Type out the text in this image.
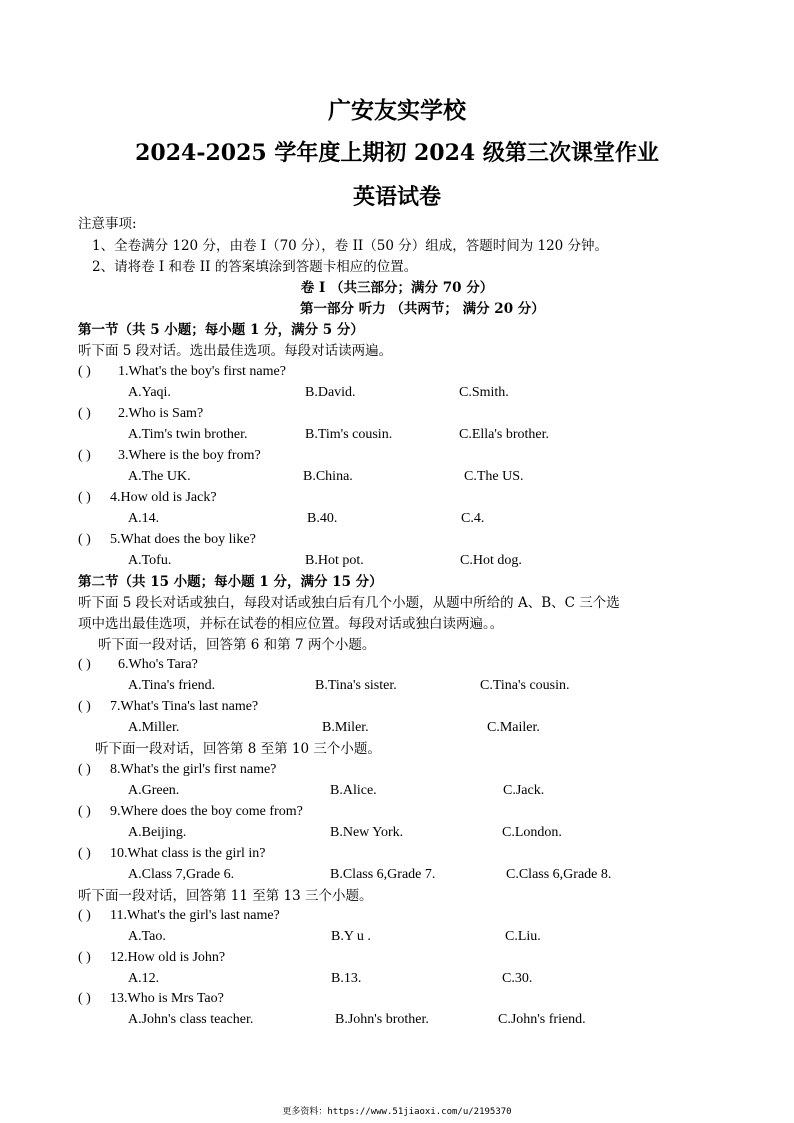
广安友实学校
2024-2025 学年度上期初 2024 级第三次课堂作业
英语试卷
注意事项:
1、全卷满分 120 分，由卷 I（70 分），卷 II（50 分）组成，答题时间为 120 分钟。
2、请将卷 I 和卷 II 的答案填涂到答题卡相应的位置。
卷 I （共三部分；满分 70 分）
第一部分 听力 （共两节； 满分 20 分）
第一节（共 5 小题；每小题 1 分，满分 5 分）
听下面 5 段对话。选出最佳选项。每段对话读两遍。
( ) 1.What's the boy's first name?
A.Yaqi.	B.David.	C.Smith.
( ) 2.Who is Sam?
A.Tim's twin brother.	B.Tim's cousin.	C.Ella's brother.
( ) 3.Where is the boy from?
A.The UK.	B.China.	C.The US.
( ) 4.How old is Jack?
A.14.	B.40.	C.4.
( ) 5.What does the boy like?
A.Tofu.	B.Hot pot.	C.Hot dog.
第二节（共 15 小题；每小题 1 分，满分 15 分）
听下面 5 段长对话或独白，每段对话或独白后有几个小题，从题中所给的 A、B、C 三个选
项中选出最佳选项，并标在试卷的相应位置。每段对话或独白读两遍。。
听下面一段对话，回答第 6 和第 7 两个小题。
( ) 6.Who's Tara?
A.Tina's friend.	B.Tina's sister.	C.Tina's cousin.
( ) 7.What's Tina's last name?
A.Miller.	B.Miler.	C.Mailer.
听下面一段对话，回答第 8 至第 10 三个小题。
( ) 8.What's the girl's first name?
A.Green.	B.Alice.	C.Jack.
( ) 9.Where does the boy come from?
A.Beijing.	B.New York.	C.London.
( ) 10.What class is the girl in?
A.Class 7,Grade 6.	B.Class 6,Grade 7.	C.Class 6,Grade 8.
听下面一段对话，回答第 11 至第 13 三个小题。
( ) 11.What's the girl's last name?
A.Tao.	B.Y u .	C.Liu.
( ) 12.How old is John?
A.12.	B.13.	C.30.
( ) 13.Who is Mrs Tao?
A.John's class teacher.	B.John's brother.	C.John's friend.
更多资料：https://www.51jiaoxi.com/u/2195370
